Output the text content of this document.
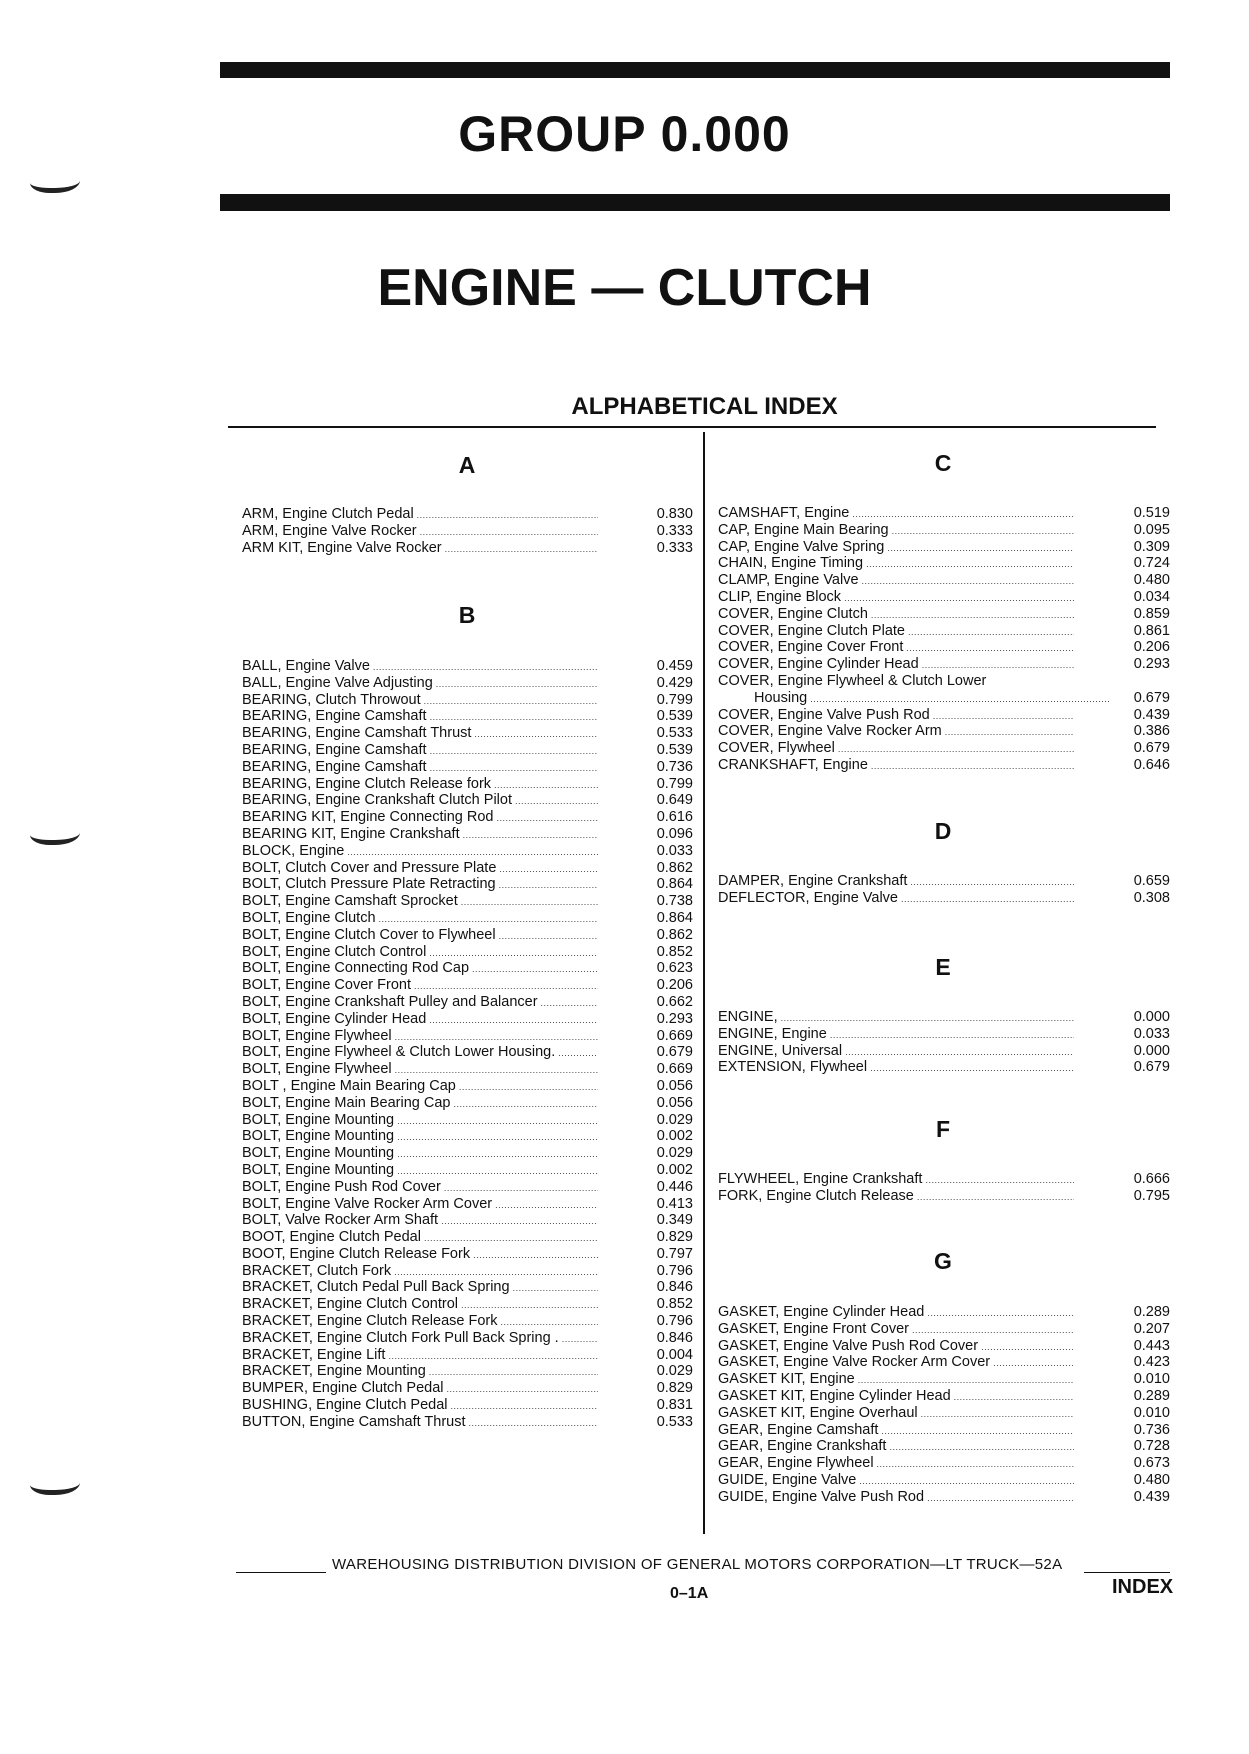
GROUP 0.000
ENGINE — CLUTCH
ALPHABETICAL INDEX
A
ARM, Engine Clutch Pedal .....	0.830
ARM, Engine Valve Rocker .....	0.333
ARM KIT, Engine Valve Rocker .....	0.333
B
BALL, Engine Valve .....	0.459
BALL, Engine Valve Adjusting .....	0.429
BEARING, Clutch Throwout .....	0.799
BEARING, Engine Camshaft .....	0.539
BEARING, Engine Camshaft Thrust .....	0.533
BEARING, Engine Camshaft .....	0.539
BEARING, Engine Camshaft .....	0.736
BEARING, Engine Clutch Release fork .....	0.799
BEARING, Engine Crankshaft Clutch Pilot .....	0.649
BEARING KIT, Engine Connecting Rod .....	0.616
BEARING KIT, Engine Crankshaft .....	0.096
BLOCK, Engine .....	0.033
BOLT, Clutch Cover and Pressure Plate .....	0.862
BOLT, Clutch Pressure Plate Retracting .....	0.864
BOLT, Engine Camshaft Sprocket .....	0.738
BOLT, Engine Clutch .....	0.864
BOLT, Engine Clutch Cover to Flywheel .....	0.862
BOLT, Engine Clutch Control .....	0.852
BOLT, Engine Connecting Rod Cap .....	0.623
BOLT, Engine Cover Front .....	0.206
BOLT, Engine Crankshaft Pulley and Balancer .....	0.662
BOLT, Engine Cylinder Head .....	0.293
BOLT, Engine Flywheel .....	0.669
BOLT, Engine Flywheel & Clutch Lower Housing. .....	0.679
BOLT, Engine Flywheel .....	0.669
BOLT , Engine Main Bearing Cap .....	0.056
BOLT, Engine Main Bearing Cap .....	0.056
BOLT, Engine Mounting .....	0.029
BOLT, Engine Mounting .....	0.002
BOLT, Engine Mounting .....	0.029
BOLT, Engine Mounting .....	0.002
BOLT, Engine Push Rod Cover .....	0.446
BOLT, Engine Valve Rocker Arm Cover .....	0.413
BOLT, Valve Rocker Arm Shaft .....	0.349
BOOT, Engine Clutch Pedal .....	0.829
BOOT, Engine Clutch Release Fork .....	0.797
BRACKET, Clutch Fork .....	0.796
BRACKET, Clutch Pedal Pull Back Spring .....	0.846
BRACKET, Engine Clutch Control .....	0.852
BRACKET, Engine Clutch Release Fork .....	0.796
BRACKET, Engine Clutch Fork Pull Back Spring . .....	0.846
BRACKET, Engine Lift .....	0.004
BRACKET, Engine Mounting .....	0.029
BUMPER, Engine Clutch Pedal .....	0.829
BUSHING, Engine Clutch Pedal .....	0.831
BUTTON, Engine Camshaft Thrust .....	0.533
C
CAMSHAFT, Engine .....	0.519
CAP, Engine Main Bearing .....	0.095
CAP, Engine Valve Spring .....	0.309
CHAIN, Engine Timing .....	0.724
CLAMP, Engine Valve .....	0.480
CLIP, Engine Block .....	0.034
COVER, Engine Clutch .....	0.859
COVER, Engine Clutch Plate .....	0.861
COVER, Engine Cover Front .....	0.206
COVER, Engine Cylinder Head .....	0.293
COVER, Engine Flywheel & Clutch Lower
Housing .....	0.679
COVER, Engine Valve Push Rod .....	0.439
COVER, Engine Valve Rocker Arm .....	0.386
COVER, Flywheel .....	0.679
CRANKSHAFT, Engine .....	0.646
D
DAMPER, Engine Crankshaft .....	0.659
DEFLECTOR, Engine Valve .....	0.308
E
ENGINE, .....	0.000
ENGINE, Engine .....	0.033
ENGINE, Universal .....	0.000
EXTENSION, Flywheel .....	0.679
F
FLYWHEEL, Engine Crankshaft .....	0.666
FORK, Engine Clutch Release .....	0.795
G
GASKET, Engine Cylinder Head .....	0.289
GASKET, Engine Front Cover .....	0.207
GASKET, Engine Valve Push Rod Cover .....	0.443
GASKET, Engine Valve Rocker Arm Cover .....	0.423
GASKET KIT, Engine .....	0.010
GASKET KIT, Engine Cylinder Head .....	0.289
GASKET KIT, Engine Overhaul .....	0.010
GEAR, Engine Camshaft .....	0.736
GEAR, Engine Crankshaft .....	0.728
GEAR, Engine Flywheel .....	0.673
GUIDE, Engine Valve .....	0.480
GUIDE, Engine Valve Push Rod .....	0.439
WAREHOUSING DISTRIBUTION DIVISION OF GENERAL MOTORS CORPORATION—LT TRUCK—52A
0–1A	INDEX
